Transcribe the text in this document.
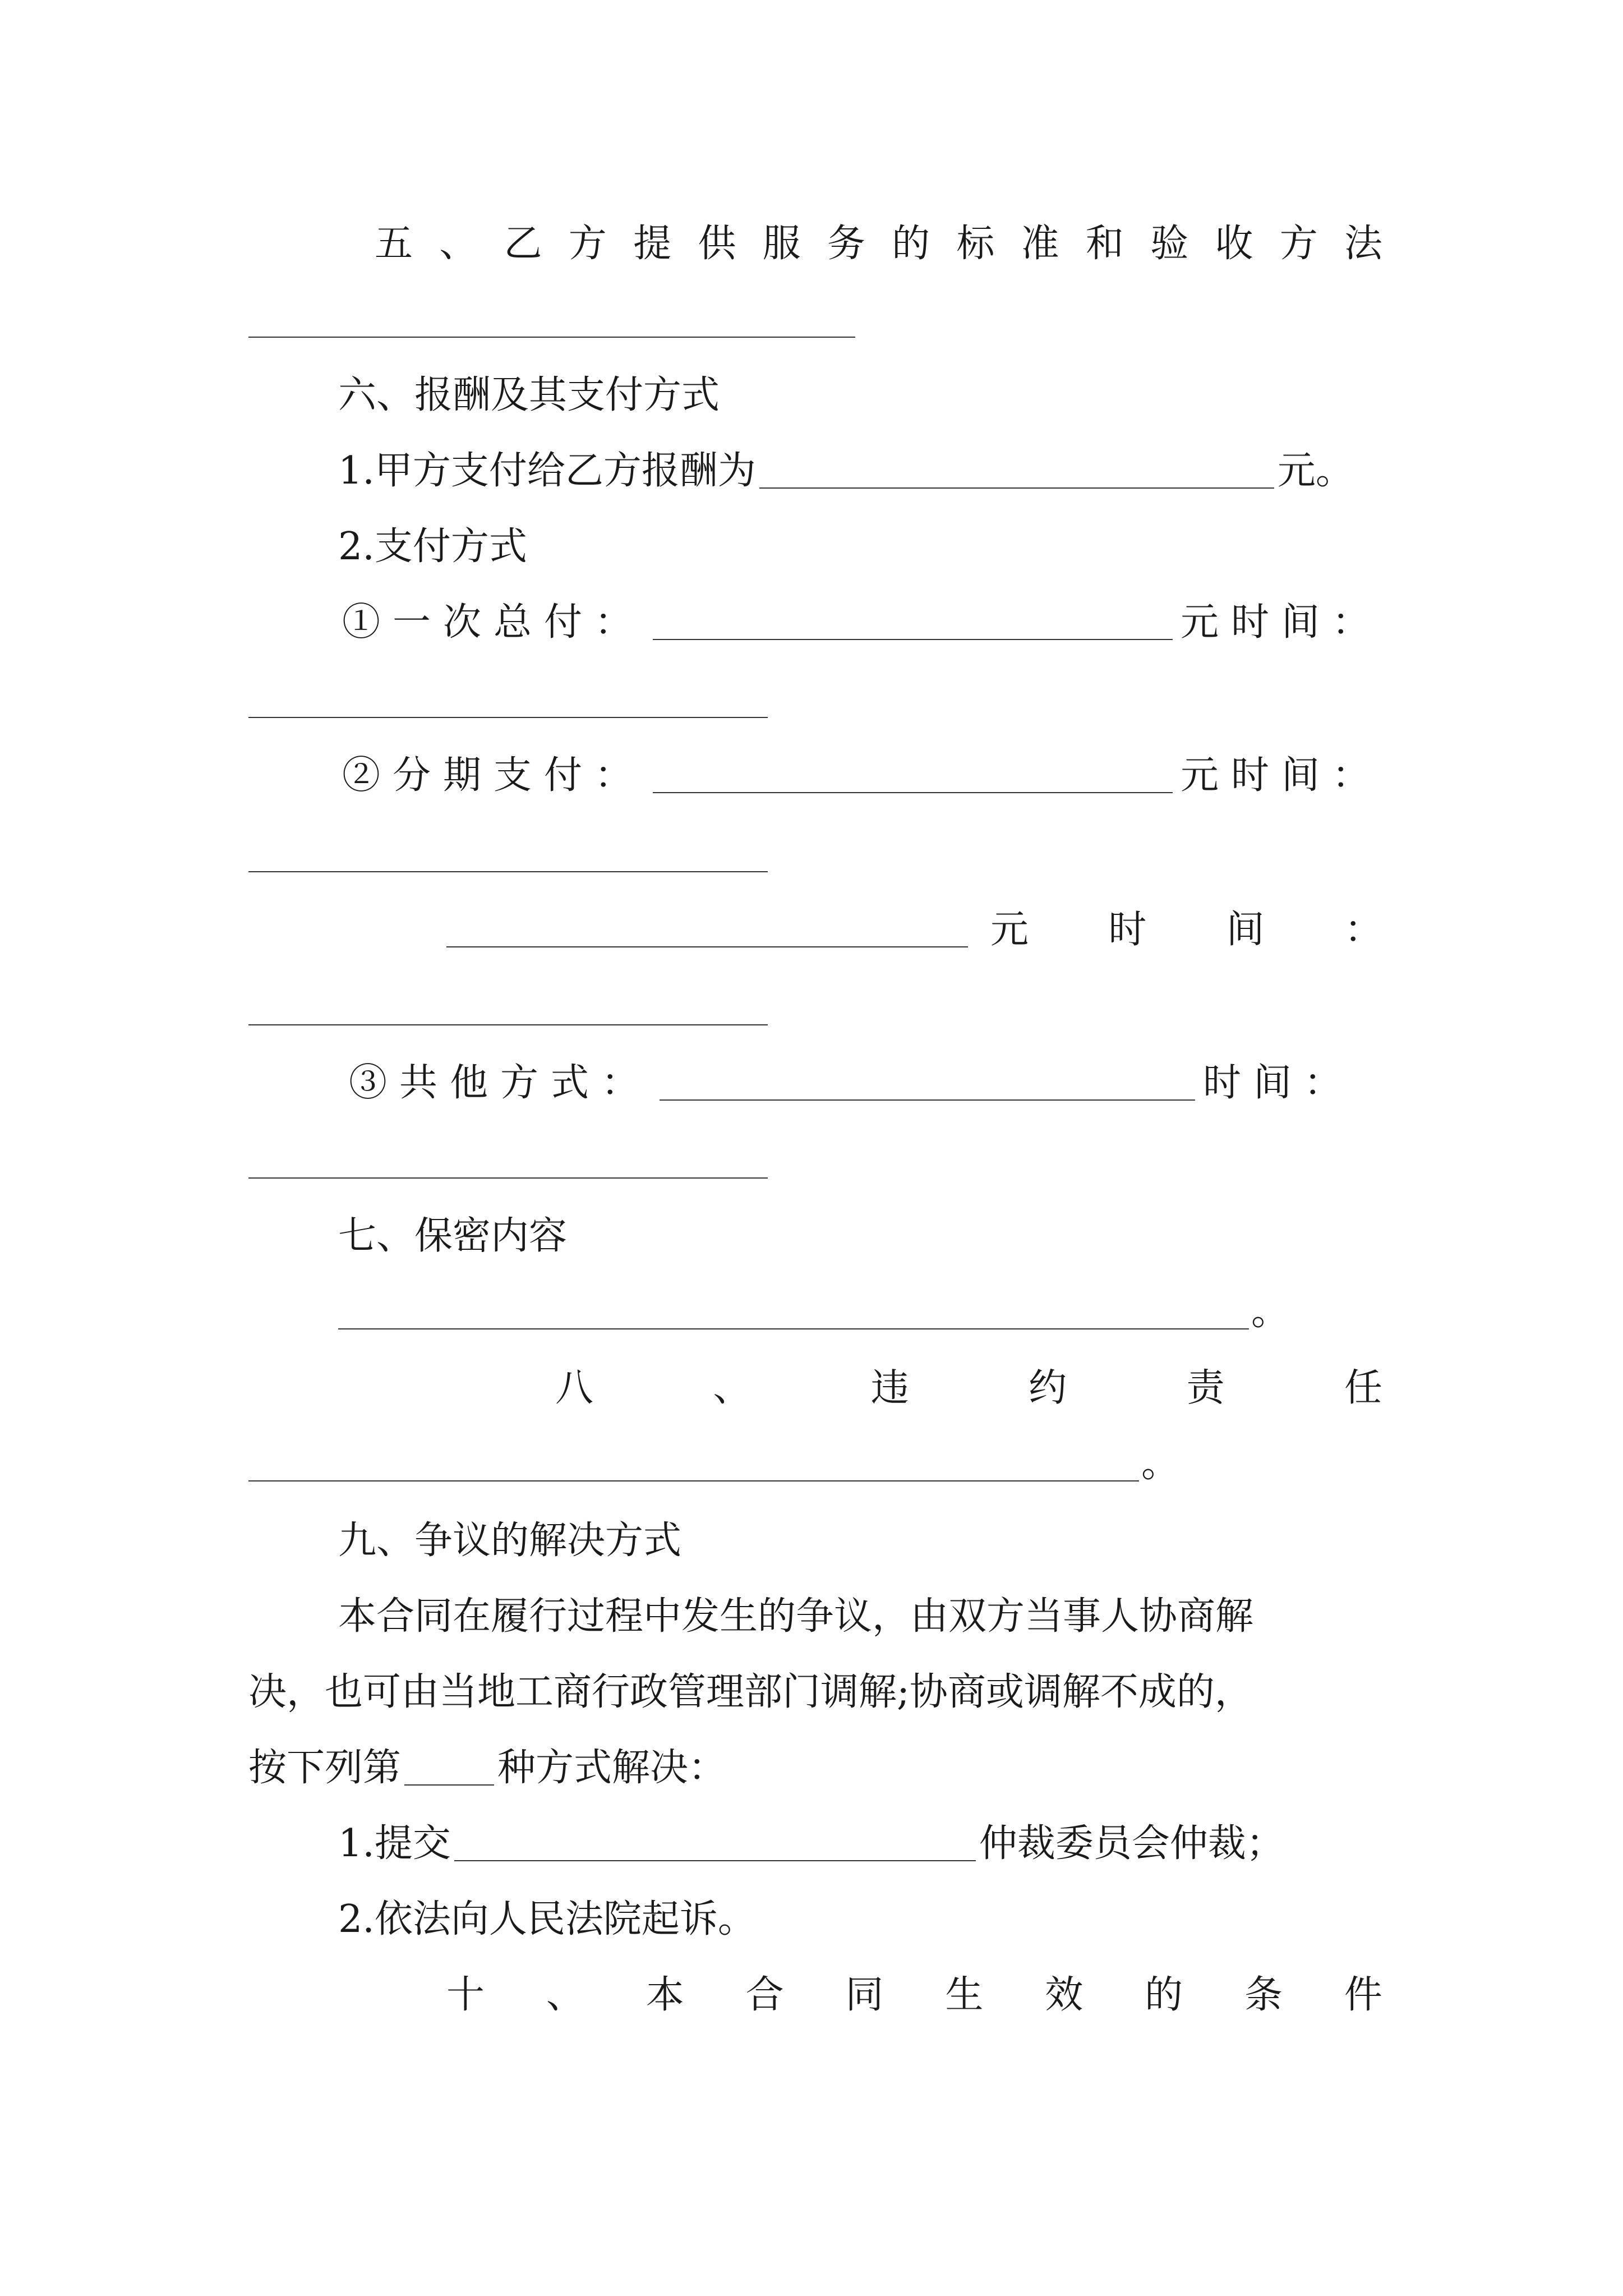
五 、 乙 方 提 供 服 务 的 标 准 和 验 收 方 法
六、报酬及其支付方式
1.甲方支付给乙方报酬为	元。
2.支付方式
①一次总付：	元时间：
②分期支付：	元时间：
元 时 间 ：
③共他方式：	时间：
七、保密内容
。
八	、	违	约	责	任
。
九、争议的解决方式
本合同在履行过程中发生的争议，由双方当事人协商解
决，也可由当地工商行政管理部门调解;协商或调解不成的，
按下列第	种方式解决：
1.提交	仲裁委员会仲裁；
2.依法向人民法院起诉。
十 、 本 合 同 生 效 的 条 件
